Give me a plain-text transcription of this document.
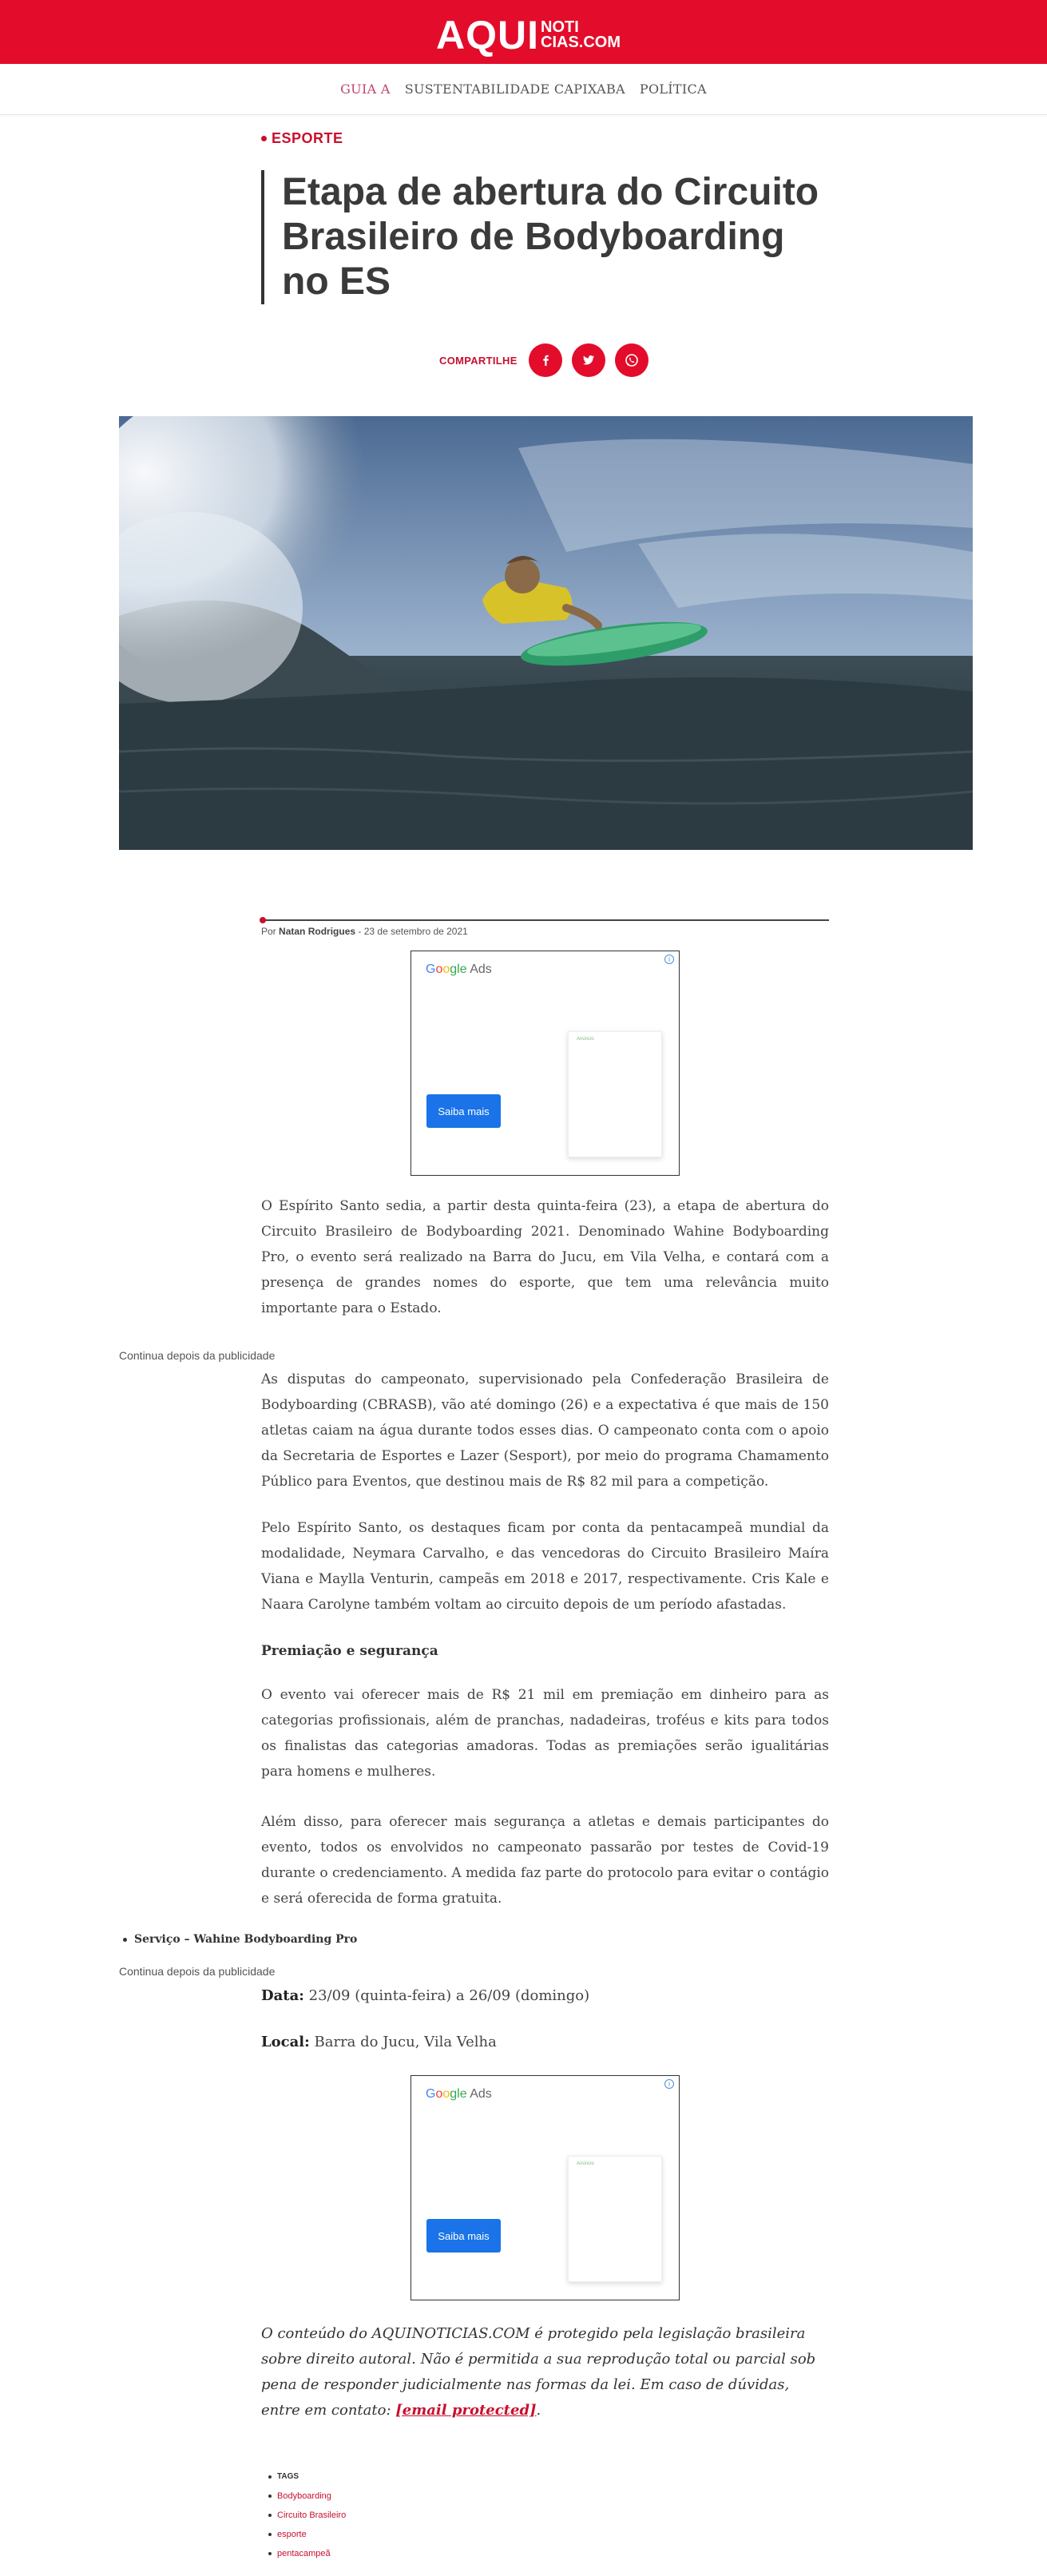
AQUI NOTI
CIAS.COM
GUIA A SUSTENTABILIDADE CAPIXABA POLÍTICA
ESPORTE
Etapa de abertura do Circuito Brasileiro de Bodyboarding no ES
COMPARTILHE
Por Natan Rodrigues - 23 de setembro de 2021
Google Ads
i
Anúncio
Saiba mais

O Espírito Santo sedia, a partir desta quinta-feira (23), a etapa de abertura do Circuito Brasileiro de Bodyboarding 2021. Denominado Wahine Bodyboarding Pro, o evento será realizado na Barra do Jucu, em Vila Velha, e contará com a presença de grandes nomes do esporte, que tem uma relevância muito importante para o Estado.

Continua depois da publicidade

As disputas do campeonato, supervisionado pela Confederação Brasileira de Bodyboarding (CBRASB), vão até domingo (26) e a expectativa é que mais de 150 atletas caiam na água durante todos esses dias. O campeonato conta com o apoio da Secretaria de Esportes e Lazer (Sesport), por meio do programa Chamamento Público para Eventos, que destinou mais de R$ 82 mil para a competição.

Pelo Espírito Santo, os destaques ficam por conta da pentacampeã mundial da modalidade, Neymara Carvalho, e das vencedoras do Circuito Brasileiro Maíra Viana e Maylla Venturin, campeãs em 2018 e 2017, respectivamente. Cris Kale e Naara Carolyne também voltam ao circuito depois de um período afastadas.

Premiação e segurança

O evento vai oferecer mais de R$ 21 mil em premiação em dinheiro para as categorias profissionais, além de pranchas, nadadeiras, troféus e kits para todos os finalistas das categorias amadoras. Todas as premiações serão igualitárias para homens e mulheres.

Além disso, para oferecer mais segurança a atletas e demais participantes do evento, todos os envolvidos no campeonato passarão por testes de Covid-19 durante o credenciamento. A medida faz parte do protocolo para evitar o contágio e será oferecida de forma gratuita.

Serviço – Wahine Bodyboarding Pro
Continua depois da publicidade
Data: 23/09 (quinta-feira) a 26/09 (domingo)
Local: Barra do Jucu, Vila Velha
Google Ads
i
Anúncio
Saiba mais

O conteúdo do AQUINOTICIAS.COM é protegido pela legislação brasileira sobre direito autoral. Não é permitida a sua reprodução total ou parcial sob pena de responder judicialmente nas formas da lei. Em caso de dúvidas, entre em contato: [email protected].

TAGS
Bodyboarding
Circuito Brasileiro
esporte
pentacampeã
